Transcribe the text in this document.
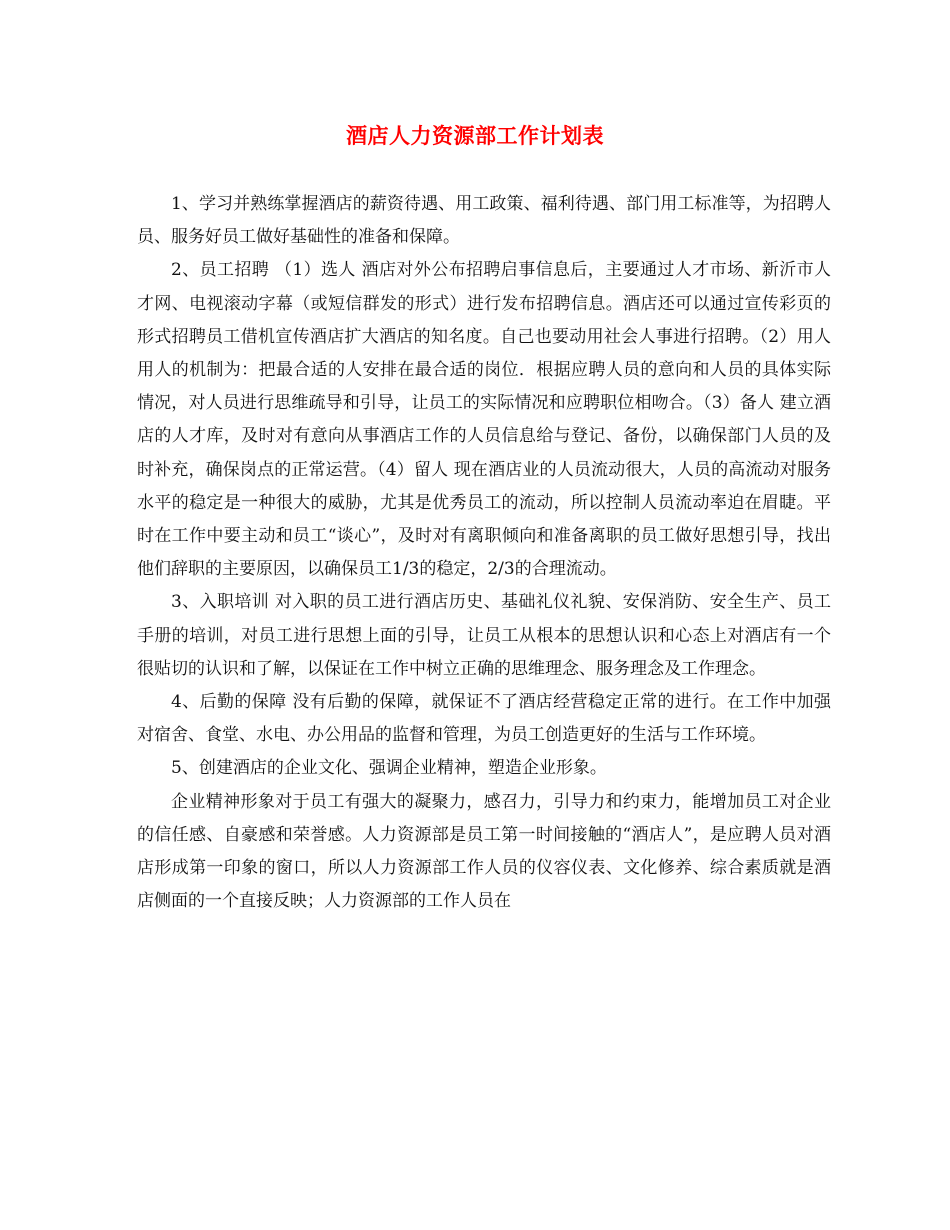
酒店人力资源部工作计划表

1、学习并熟练掌握酒店的薪资待遇、用工政策、福利待遇、部门用工标准等，为招聘人员、服务好员工做好基础性的准备和保障。

2、员工招聘 （1）选人 酒店对外公布招聘启事信息后，主要通过人才市场、新沂市人才网、电视滚动字幕（或短信群发的形式）进行发布招聘信息。酒店还可以通过宣传彩页的形式招聘员工借机宣传酒店扩大酒店的知名度。自己也要动用社会人事进行招聘。（2）用人 用人的机制为：把最合适的人安排在最合适的岗位．根据应聘人员的意向和人员的具体实际情况，对人员进行思维疏导和引导，让员工的实际情况和应聘职位相吻合。（3）备人 建立酒店的人才库，及时对有意向从事酒店工作的人员信息给与登记、备份，以确保部门人员的及时补充，确保岗点的正常运营。（4）留人 现在酒店业的人员流动很大，人员的高流动对服务水平的稳定是一种很大的威胁，尤其是优秀员工的流动，所以控制人员流动率迫在眉睫。平时在工作中要主动和员工“谈心”，及时对有离职倾向和准备离职的员工做好思想引导，找出他们辞职的主要原因，以确保员工1/3的稳定，2/3的合理流动。

3、入职培训 对入职的员工进行酒店历史、基础礼仪礼貌、安保消防、安全生产、员工手册的培训，对员工进行思想上面的引导，让员工从根本的思想认识和心态上对酒店有一个很贴切的认识和了解，以保证在工作中树立正确的思维理念、服务理念及工作理念。

4、后勤的保障 没有后勤的保障，就保证不了酒店经营稳定正常的进行。在工作中加强对宿舍、食堂、水电、办公用品的监督和管理，为员工创造更好的生活与工作环境。

5、创建酒店的企业文化、强调企业精神，塑造企业形象。

企业精神形象对于员工有强大的凝聚力，感召力，引导力和约束力，能增加员工对企业的信任感、自豪感和荣誉感。人力资源部是员工第一时间接触的“酒店人”，是应聘人员对酒店形成第一印象的窗口，所以人力资源部工作人员的仪容仪表、文化修养、综合素质就是酒店侧面的一个直接反映；人力资源部的工作人员在
